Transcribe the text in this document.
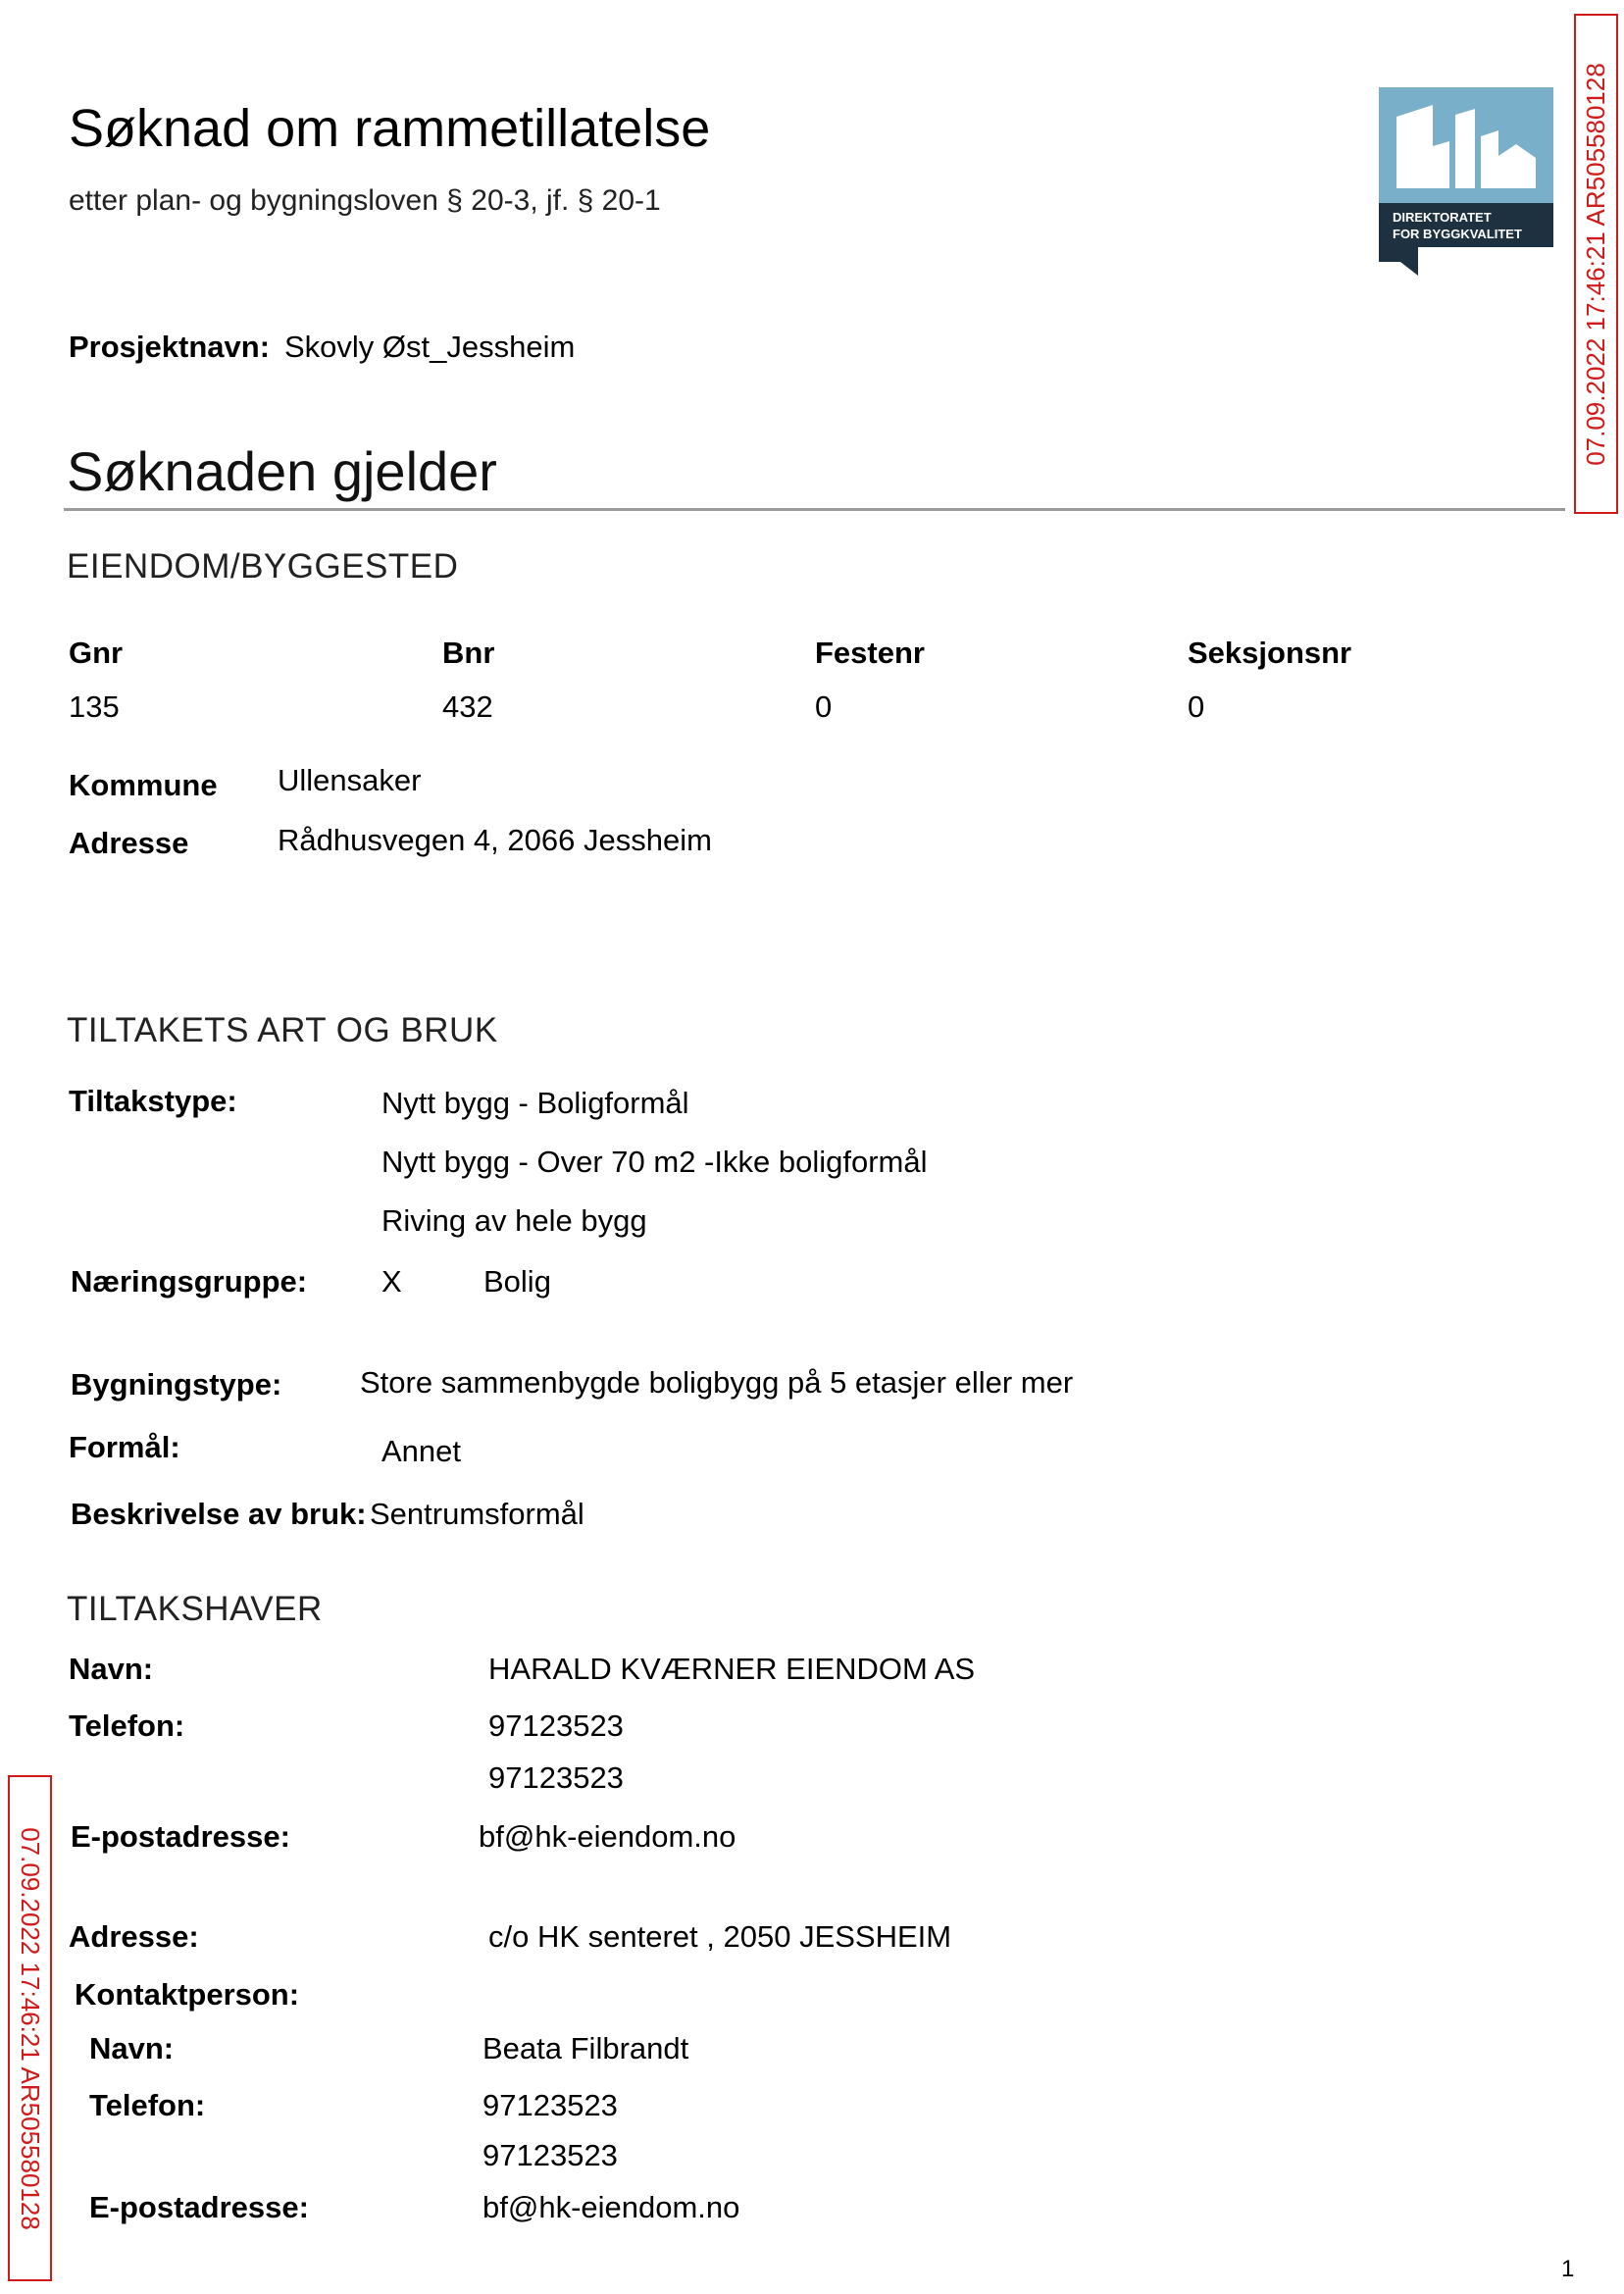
Søknad om rammetillatelse
etter plan- og bygningsloven § 20-3, jf. § 20-1
DIREKTORATET
FOR BYGGKVALITET
Prosjektnavn: Skovly Øst_Jessheim
Søknaden gjelder
EIENDOM/BYGGESTED
Gnr	Bnr	Festenr	Seksjonsnr
135	432	0	0
Kommune Ullensaker
Adresse	Rådhusvegen 4, 2066 Jessheim
TILTAKETS ART OG BRUK
Tiltakstype:	Nytt bygg - Boligformål
Nytt bygg - Over 70 m2 -Ikke boligformål
Riving av hele bygg
Næringsgruppe: X	Bolig
Bygningstype:	Store sammenbygde boligbygg på 5 etasjer eller mer
Formål:	Annet
Beskrivelse av bruk: Sentrumsformål
TILTAKSHAVER
Navn:	HARALD KVÆRNER EIENDOM AS
Telefon:	97123523
97123523
E-postadresse:	bf@hk-eiendom.no
Adresse:	c/o HK senteret , 2050 JESSHEIM
Kontaktperson:
Navn:	Beata Filbrandt
Telefon:	97123523
97123523
E-postadresse:	bf@hk-eiendom.no
07.09.2022 17:46:21 AR505580128
07.09.2022 17:46:21 AR505580128
1
